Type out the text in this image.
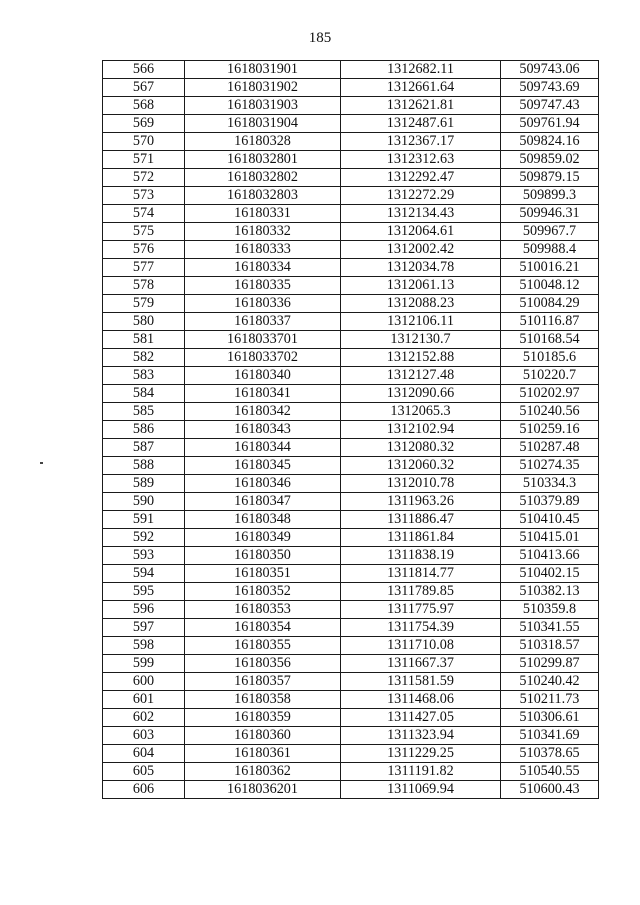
185
566	1618031901	1312682.11	509743.06
567	1618031902	1312661.64	509743.69
568	1618031903	1312621.81	509747.43
569	1618031904	1312487.61	509761.94
570	16180328	1312367.17	509824.16
571	1618032801	1312312.63	509859.02
572	1618032802	1312292.47	509879.15
573	1618032803	1312272.29	509899.3
574	16180331	1312134.43	509946.31
575	16180332	1312064.61	509967.7
576	16180333	1312002.42	509988.4
577	16180334	1312034.78	510016.21
578	16180335	1312061.13	510048.12
579	16180336	1312088.23	510084.29
580	16180337	1312106.11	510116.87
581	1618033701	1312130.7	510168.54
582	1618033702	1312152.88	510185.6
583	16180340	1312127.48	510220.7
584	16180341	1312090.66	510202.97
585	16180342	1312065.3	510240.56
586	16180343	1312102.94	510259.16
587	16180344	1312080.32	510287.48
588	16180345	1312060.32	510274.35
589	16180346	1312010.78	510334.3
590	16180347	1311963.26	510379.89
591	16180348	1311886.47	510410.45
592	16180349	1311861.84	510415.01
593	16180350	1311838.19	510413.66
594	16180351	1311814.77	510402.15
595	16180352	1311789.85	510382.13
596	16180353	1311775.97	510359.8
597	16180354	1311754.39	510341.55
598	16180355	1311710.08	510318.57
599	16180356	1311667.37	510299.87
600	16180357	1311581.59	510240.42
601	16180358	1311468.06	510211.73
602	16180359	1311427.05	510306.61
603	16180360	1311323.94	510341.69
604	16180361	1311229.25	510378.65
605	16180362	1311191.82	510540.55
606	1618036201	1311069.94	510600.43
